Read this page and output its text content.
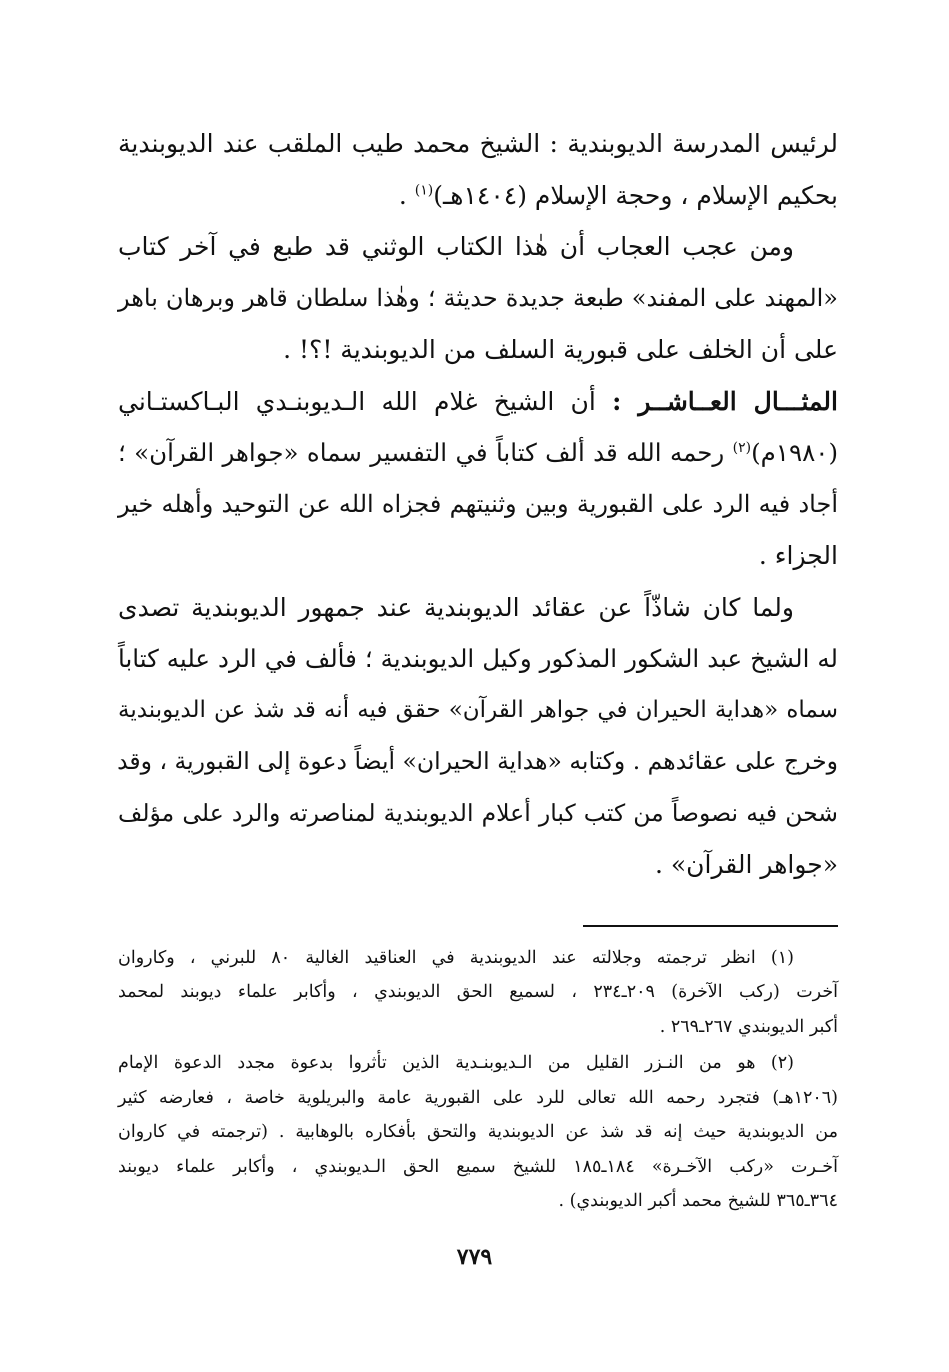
لرئيس المدرسة الديوبندية : الشيخ محمد طيب الملقب عند الديوبندية
بحكيم الإسلام ، وحجة الإسلام (١٤٠٤هـ)$^{(١)}$ .
ومن عجب العجاب أن هٰذا الكتاب الوثني قد طبع في آخر كتاب
«المهند على المفند» طبعة جديدة حديثة ؛ وهٰذا سلطان قاهر وبرهان باهر
على أن الخلف على قبورية السلف من الديوبندية !؟! .
المثـــال العــاشــر : أن الشيخ غلام الله الـديوبنـدي البـاكستـاني
(١٩٨٠م)$^{(٢)}$ رحمه الله قد ألف كتاباً في التفسير سماه «جواهر القرآن» ؛
أجاد فيه الرد على القبورية وبين وثنيتهم فجزاه الله عن التوحيد وأهله خير
الجزاء .
ولما كان شاذّاً عن عقائد الديوبندية عند جمهور الديوبندية تصدى
له الشيخ عبد الشكور المذكور وكيل الديوبندية ؛ فألف في الرد عليه كتاباً
سماه «هداية الحيران في جواهر القرآن» حقق فيه أنه قد شذ عن الديوبندية
وخرج على عقائدهم . وكتابه «هداية الحيران» أيضاً دعوة إلى القبورية ، وقد
شحن فيه نصوصاً من كتب كبار أعلام الديوبندية لمناصرته والرد على مؤلف
«جواهر القرآن» .
(١) انظر ترجمته وجلالته عند الديوبندية في العناقيد الغالية ٨٠ للبرني ، وكاروان
آخرت (ركب الآخرة) ٢٠٩ـ٢٣٤ ، لسميع الحق الديوبندي ، وأكابر علماء ديوبند لمحمد
أكبر الديوبندي ٢٦٧ـ٢٦٩ .
(٢) هو من النـزر القليل من الـديوبنـدية الذين تأثروا بدعوة مجدد الدعوة الإمام
(١٢٠٦هـ) فتجرد رحمه الله تعالى للرد على القبورية عامة والبريلوية خاصة ، فعارضه كثير
من الديوبندية حيث إنه قد شذ عن الديوبندية والتحق بأفكاره بالوهابية . (ترجمته في كاروان
آخـرت «ركب الآخـرة» ١٨٤ـ١٨٥ للشيخ سميع الحق الـديوبندي ، وأكابر علماء ديوبند
٣٦٤ـ٣٦٥ للشيخ محمد أكبر الديوبندي) .
٧٧٩
